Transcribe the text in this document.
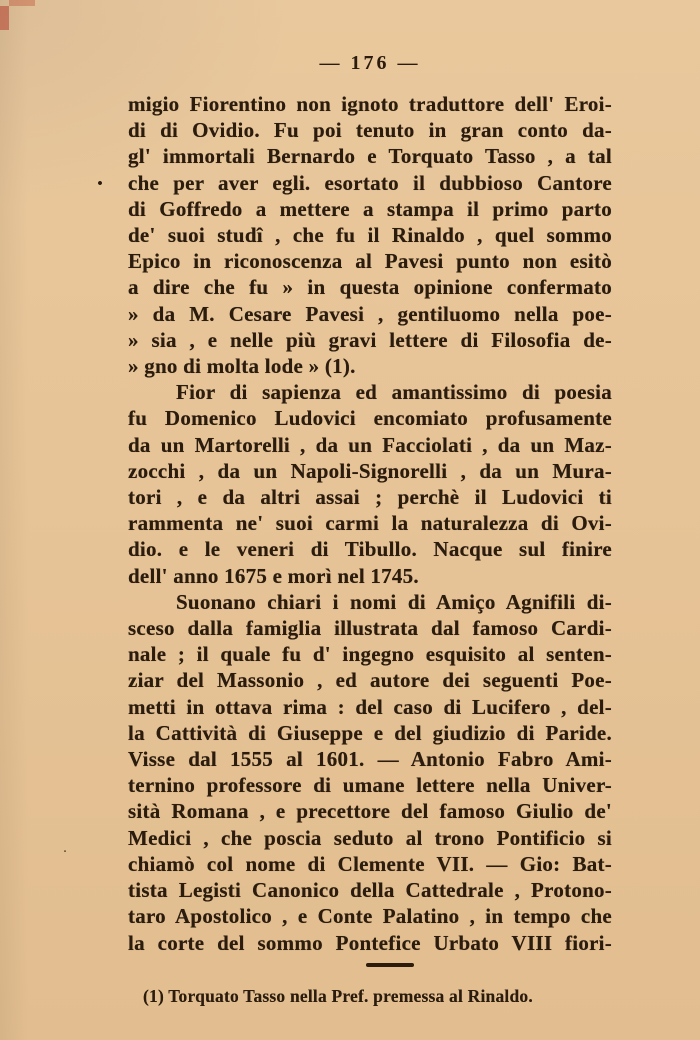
— 176 —
•
.
migio Fiorentino non ignoto traduttore dell' Eroi-
di di Ovidio. Fu poi tenuto in gran conto da-
gl' immortali Bernardo e Torquato Tasso , a tal
che per aver egli. esortato il dubbioso Cantore
di Goffredo a mettere a stampa il primo parto
de' suoi studî , che fu il Rinaldo , quel sommo
Epico in riconoscenza al Pavesi punto non esitò
a dire che fu » in questa opinione confermato
» da M. Cesare Pavesi , gentiluomo nella poe-
» sia , e nelle più gravi lettere di Filosofia de-
» gno di molta lode » (1).
Fior di sapienza ed amantissimo di poesia
fu Domenico Ludovici encomiato profusamente
da un Martorelli , da un Facciolati , da un Maz-
zocchi , da un Napoli-Signorelli , da un Mura-
tori , e da altri assai ; perchè il Ludovici ti
rammenta ne' suoi carmi la naturalezza di Ovi-
dio. e le veneri di Tibullo. Nacque sul finire
dell' anno 1675 e morì nel 1745.
Suonano chiari i nomi di Amiço Agnifili di-
sceso dalla famiglia illustrata dal famoso Cardi-
nale ; il quale fu d' ingegno esquisito al senten-
ziar del Massonio , ed autore dei seguenti Poe-
metti in ottava rima : del caso di Lucifero , del-
la Cattività di Giuseppe e del giudizio di Paride.
Visse dal 1555 al 1601. — Antonio Fabro Ami-
ternino professore di umane lettere nella Univer-
sità Romana , e precettore del famoso Giulio de'
Medici , che poscia seduto al trono Pontificio si
chiamò col nome di Clemente VII. — Gio: Bat-
tista Legisti Canonico della Cattedrale , Protono-
taro Apostolico , e Conte Palatino , in tempo che
la corte del sommo Pontefice Urbato VIII fiori-
(1) Torquato Tasso nella Pref. premessa al Rinaldo.
